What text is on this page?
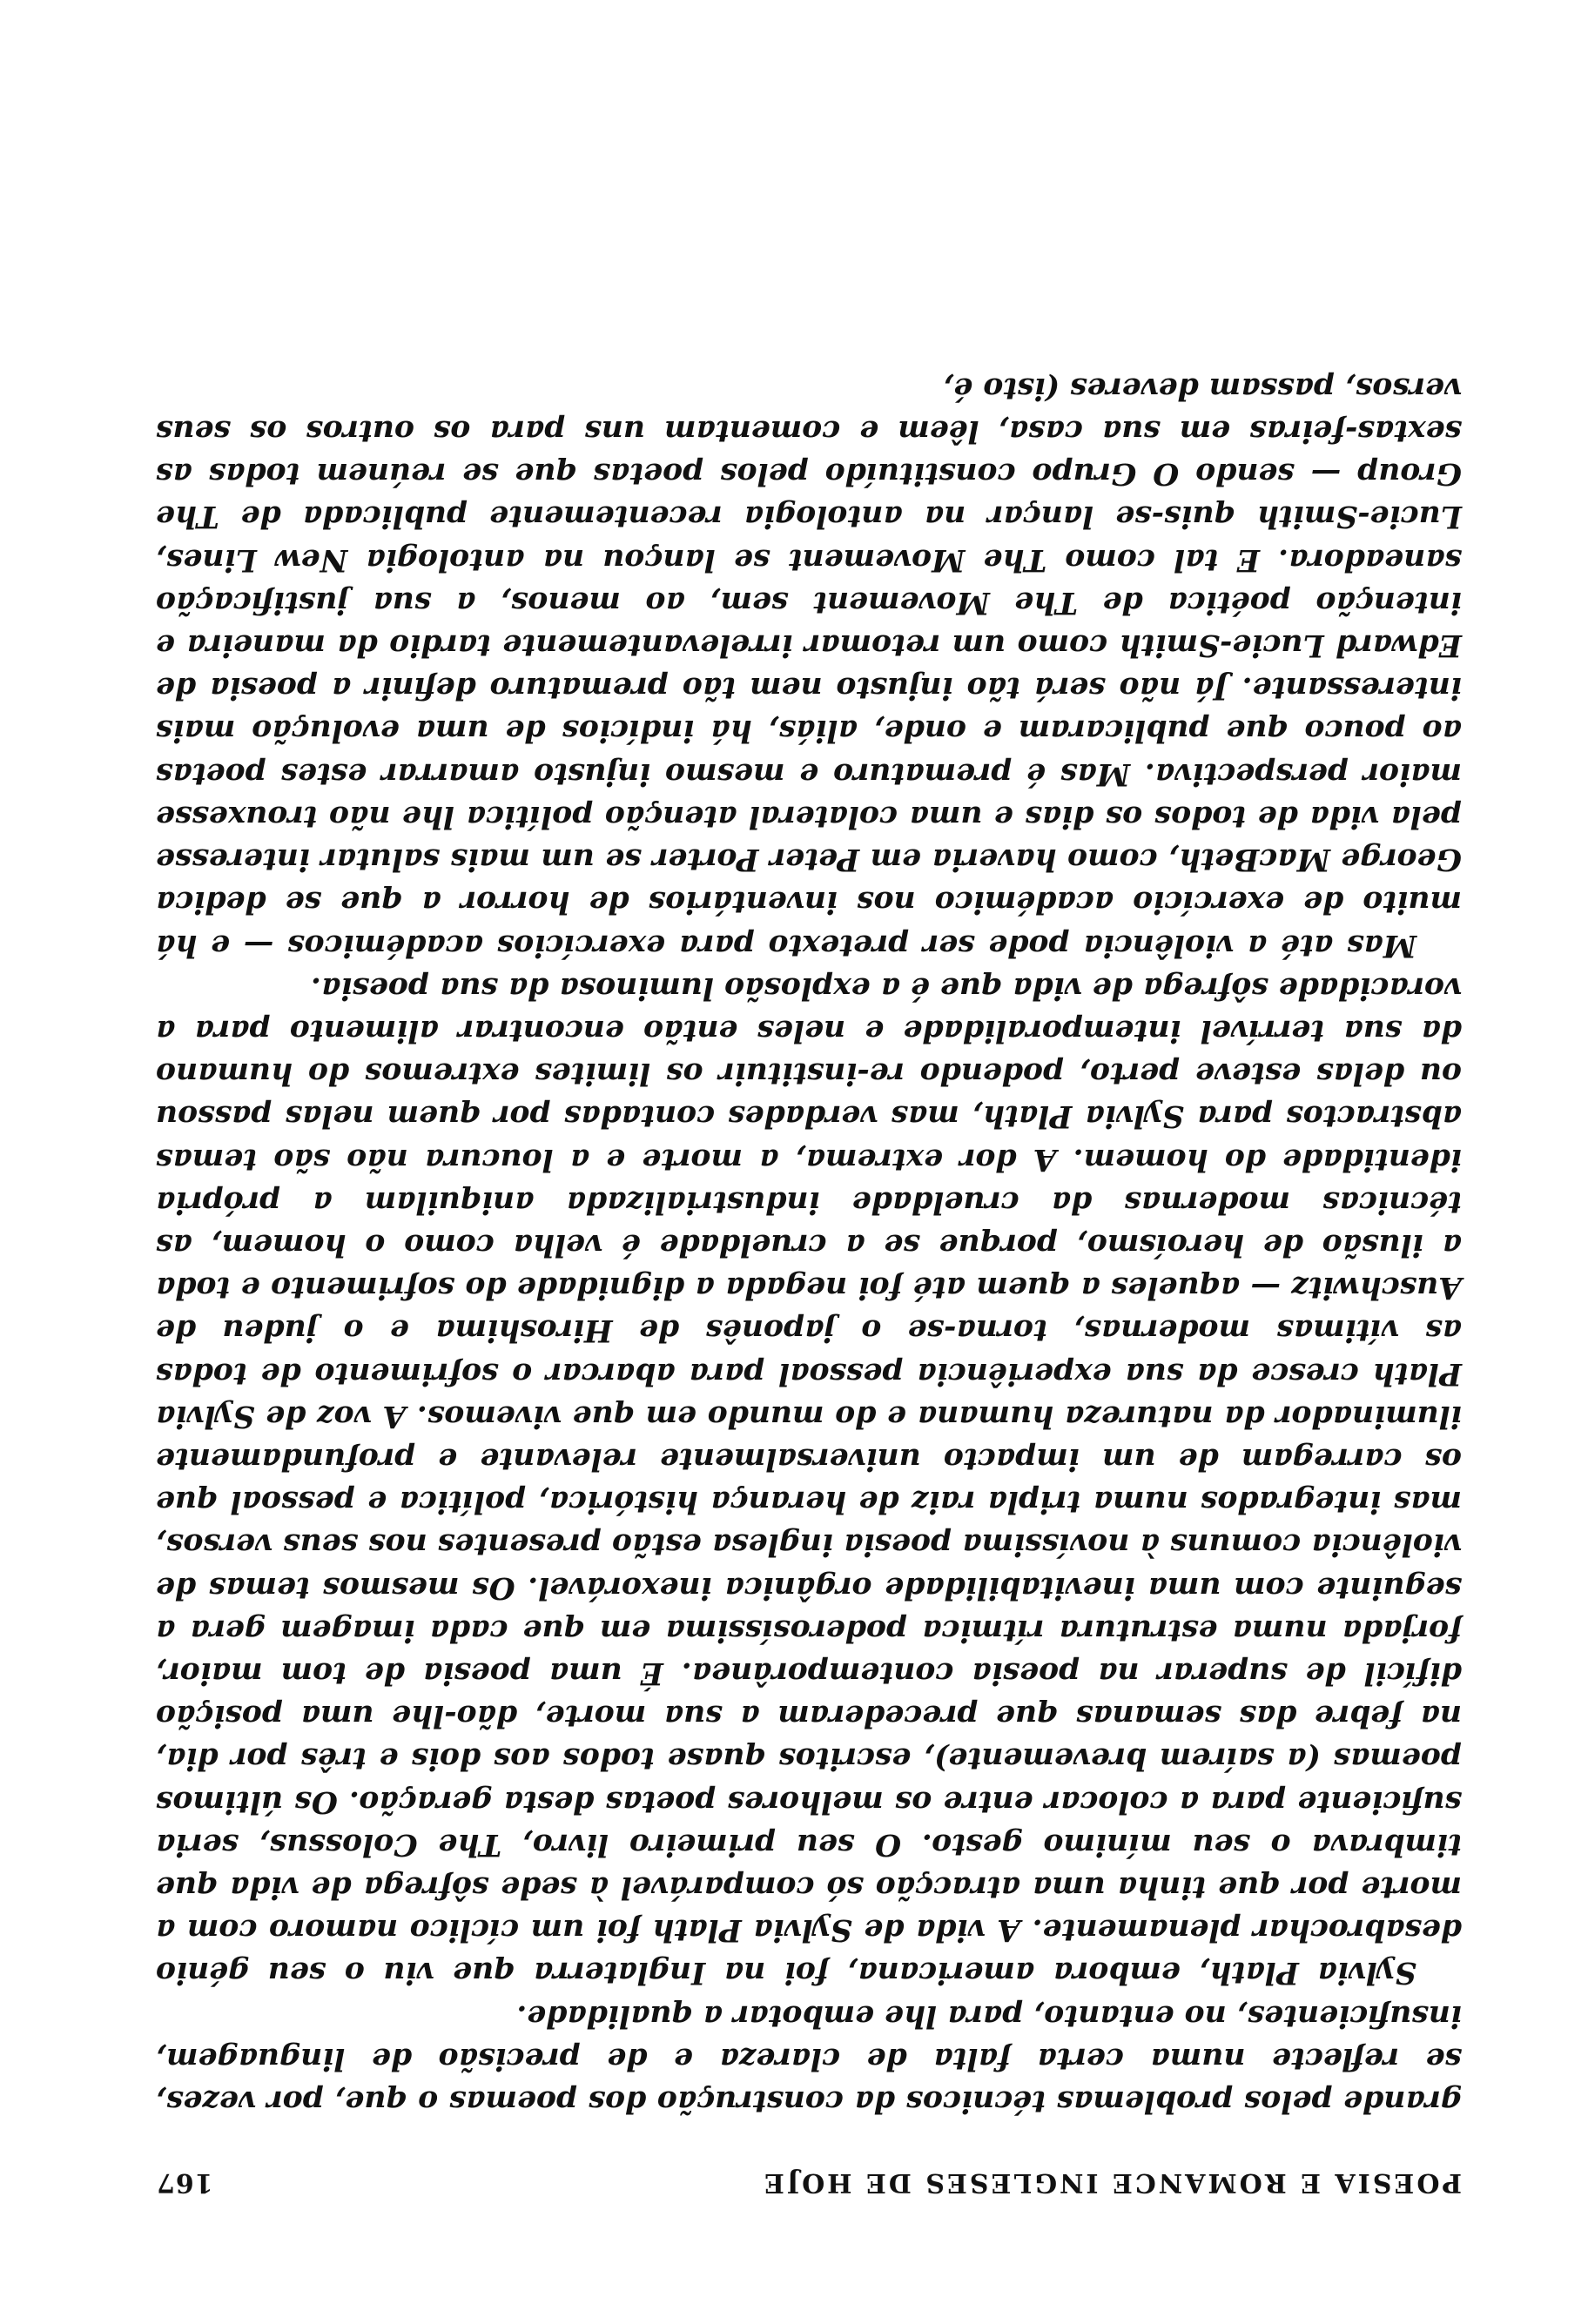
POESIA E ROMANCE INGLESES DE HOJE
167

grande pelos problemas técnicos da construção dos poemas o que, por vezes, se reflecte numa certa falta de clareza e de precisão de linguagem, insuficientes, no entanto, para lhe embotar a qualidade.

Sylvia Plath, embora americana, foi na Inglaterra que viu o seu génio desabrochar plenamente. A vida de Sylvia Plath foi um cíclico namoro com a morte por que tinha uma atracção só comparável à sede sôfrega de vida que timbrava o seu mínimo gesto. O seu primeiro livro, The Colossus, seria suficiente para a colocar entre os melhores poetas desta geração. Os últimos poemas (a saírem brevemente), escritos quase todos aos dois e três por dia, na febre das semanas que precederam a sua morte, dão-lhe uma posição difícil de superar na poesia contemporânea. É uma poesia de tom maior, forjada numa estrutura rítmica poderosíssima em que cada imagem gera a seguinte com uma inevitabilidade orgânica inexorável. Os mesmos temas de violência comuns à novíssima poesia inglesa estão presentes nos seus versos, mas integrados numa tripla raiz de herança histórica, política e pessoal que os carregam de um impacto universalmente relevante e profundamente iluminador da natureza humana e do mundo em que vivemos. A voz de Sylvia Plath cresce da sua experiência pessoal para abarcar o sofrimento de todas as vítimas modernas, torna-se o japonês de Hiroshima e o judeu de Auschwitz — aqueles a quem até foi negada a dignidade do sofrimento e toda a ilusão de heroísmo, porque se a crueldade é velha como o homem, as técnicas modernas da crueldade industrializada aniquilam a própria identidade do homem. A dor extrema, a morte e a loucura não são temas abstractos para Sylvia Plath, mas verdades contadas por quem nelas passou ou delas esteve perto, podendo re-instituir os limites extremos do humano da sua terrível intemporalidade e neles então encontrar alimento para a voracidade sôfrega de vida que é a explosão luminosa da sua poesia.

Mas até a violência pode ser pretexto para exercícios académicos — e há muito de exercício académico nos inventários de horror a que se dedica George MacBeth, como haveria em Peter Porter se um mais salutar interesse pela vida de todos os dias e uma colateral atenção política lhe não trouxesse maior perspectiva. Mas é prematuro e mesmo injusto amarrar estes poetas ao pouco que publicaram e onde, aliás, há indícios de uma evolução mais interessante. Já não será tão injusto nem tão prematuro definir a poesia de Edward Lucie-Smith como um retomar irrelevantemente tardio da maneira e intenção poética de The Movement sem, ao menos, a sua justificação saneadora. E tal como The Movement se lançou na antologia New Lines, Lucie-Smith quis-se lançar na antologia recentemente publicada de The Group — sendo O Grupo constituído pelos poetas que se reúnem todas as sextas-feiras em sua casa, lêem e comentam uns para os outros os seus versos, passam deveres (isto é,
